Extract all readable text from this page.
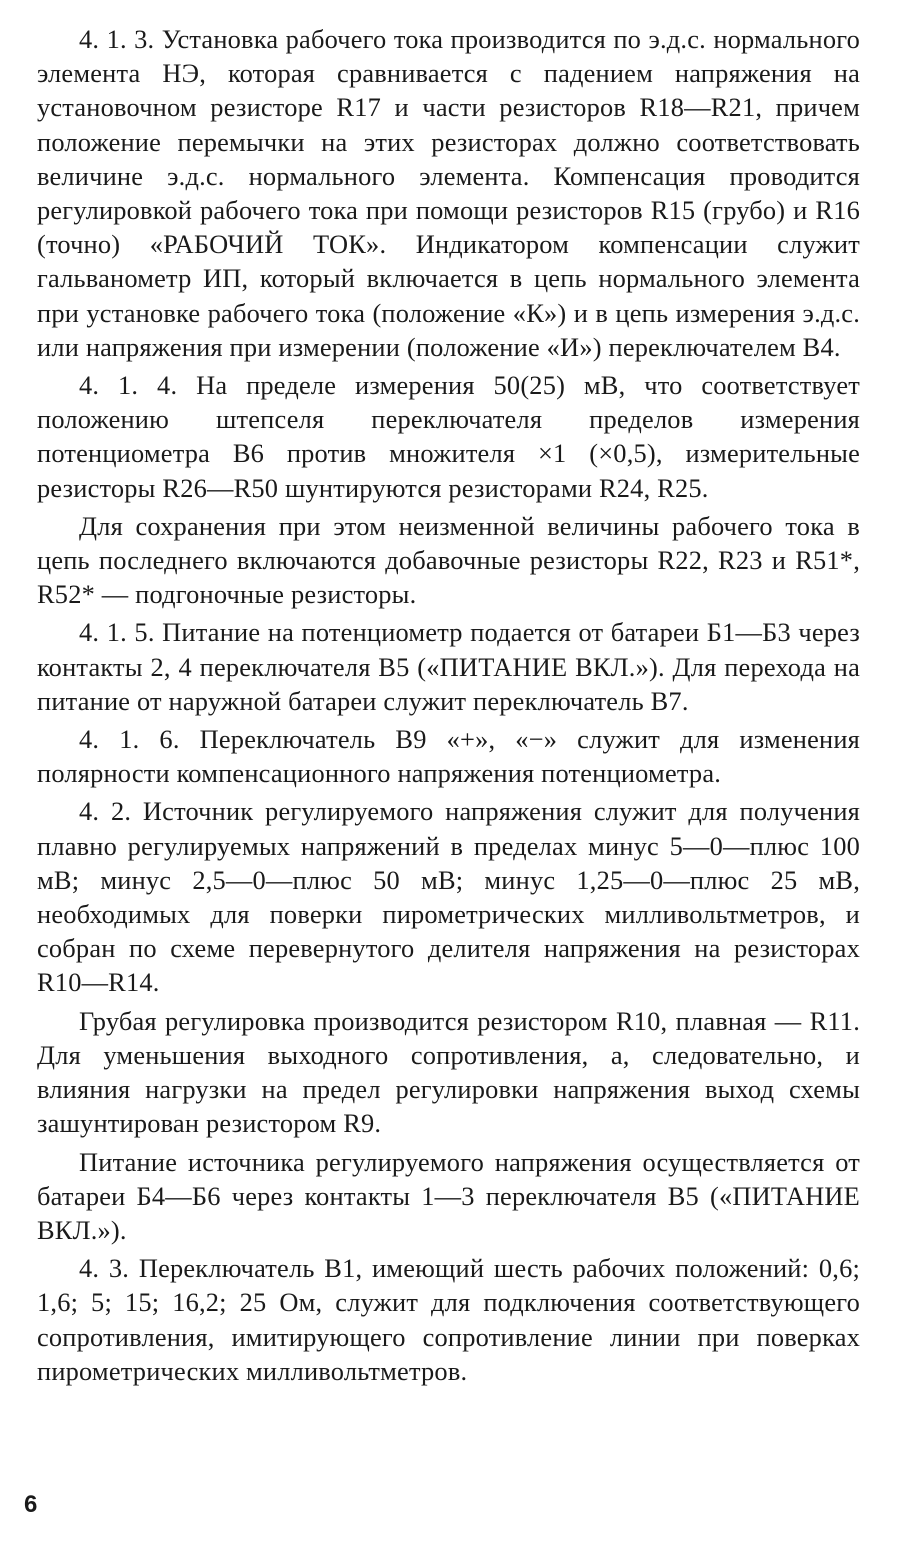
4. 1. 3. Установка рабочего тока производится по э.д.с. нормального элемента НЭ, которая сравнивается с падением напряжения на установочном резисторе R17 и части резисторов R18—R21, причем положение перемычки на этих резисторах должно соответствовать величине э.д.с. нормального элемента. Компенсация проводится регулировкой рабочего тока при помощи резисторов R15 (грубо) и R16 (точно) «РАБОЧИЙ ТОК». Индикатором компенсации служит гальванометр ИП, который включается в цепь нормального элемента при установке рабочего тока (положение «К») и в цепь измерения э.д.с. или напряжения при измерении (положение «И») переключателем В4.

4. 1. 4. На пределе измерения 50(25) мВ, что соответствует положению штепселя переключателя пределов измерения потенциометра В6 против множителя ×1 (×0,5), измерительные резисторы R26—R50 шунтируются резисторами R24, R25.

Для сохранения при этом неизменной величины рабочего тока в цепь последнего включаются добавочные резисторы R22, R23 и R51*, R52* — подгоночные резисторы.

4. 1. 5. Питание на потенциометр подается от батареи Б1—Б3 через контакты 2, 4 переключателя В5 («ПИТАНИЕ ВКЛ.»). Для перехода на питание от наружной батареи служит переключатель В7.

4. 1. 6. Переключатель В9 «+», «−» служит для изменения полярности компенсационного напряжения потенциометра.

4. 2. Источник регулируемого напряжения служит для получения плавно регулируемых напряжений в пределах минус 5—0—плюс 100 мВ; минус 2,5—0—плюс 50 мВ; минус 1,25—0—плюс 25 мВ, необходимых для поверки пирометрических милливольтметров, и собран по схеме перевернутого делителя напряжения на резисторах R10—R14.

Грубая регулировка производится резистором R10, плавная — R11. Для уменьшения выходного сопротивления, а, следовательно, и влияния нагрузки на предел регулировки напряжения выход схемы зашунтирован резистором R9.

Питание источника регулируемого напряжения осуществляется от батареи Б4—Б6 через контакты 1—3 переключателя В5 («ПИТАНИЕ ВКЛ.»).

4. 3. Переключатель В1, имеющий шесть рабочих положений: 0,6; 1,6; 5; 15; 16,2; 25 Ом, служит для подключения соответствующего сопротивления, имитирующего сопротивление линии при поверках пирометрических милливольтметров.

6
